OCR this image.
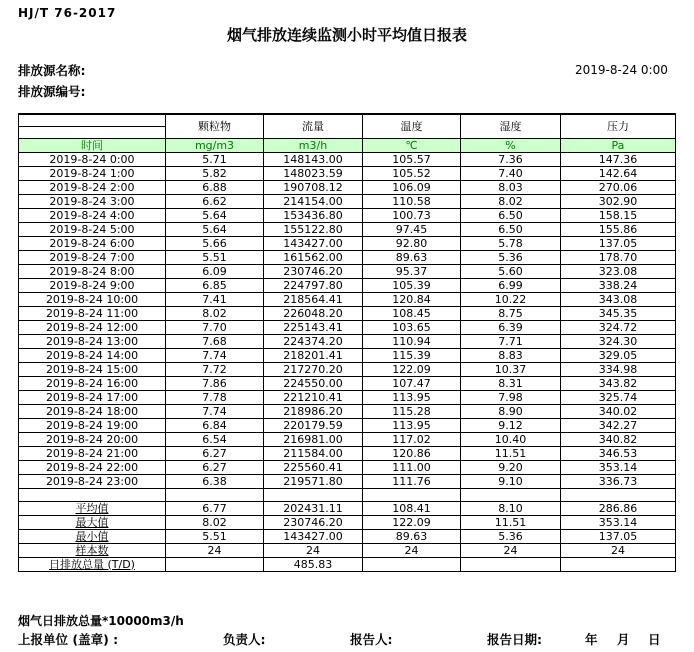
HJ/T 76-2017
烟气排放连续监测小时平均值日报表
排放源名称:
排放源编号:
2019-8-24 0:00
	颗粒物	流量	温度	湿度	压力

时间	mg/m3	m3/h	℃	%	Pa
2019-8-24 0:00	5.71	148143.00	105.57	7.36	147.36
2019-8-24 1:00	5.82	148023.59	105.52	7.40	142.64
2019-8-24 2:00	6.88	190708.12	106.09	8.03	270.06
2019-8-24 3:00	6.62	214154.00	110.58	8.02	302.90
2019-8-24 4:00	5.64	153436.80	100.73	6.50	158.15
2019-8-24 5:00	5.64	155122.80	97.45	6.50	155.86
2019-8-24 6:00	5.66	143427.00	92.80	5.78	137.05
2019-8-24 7:00	5.51	161562.00	89.63	5.36	178.70
2019-8-24 8:00	6.09	230746.20	95.37	5.60	323.08
2019-8-24 9:00	6.85	224797.80	105.39	6.99	338.24
2019-8-24 10:00	7.41	218564.41	120.84	10.22	343.08
2019-8-24 11:00	8.02	226048.20	108.45	8.75	345.35
2019-8-24 12:00	7.70	225143.41	103.65	6.39	324.72
2019-8-24 13:00	7.68	224374.20	110.94	7.71	324.30
2019-8-24 14:00	7.74	218201.41	115.39	8.83	329.05
2019-8-24 15:00	7.72	217270.20	122.09	10.37	334.98
2019-8-24 16:00	7.86	224550.00	107.47	8.31	343.82
2019-8-24 17:00	7.78	221210.41	113.95	7.98	325.74
2019-8-24 18:00	7.74	218986.20	115.28	8.90	340.02
2019-8-24 19:00	6.84	220179.59	113.95	9.12	342.27
2019-8-24 20:00	6.54	216981.00	117.02	10.40	340.82
2019-8-24 21:00	6.27	211584.00	120.86	11.51	346.53
2019-8-24 22:00	6.27	225560.41	111.00	9.20	353.14
2019-8-24 23:00	6.38	219571.80	111.76	9.10	336.73

平均值	6.77	202431.11	108.41	8.10	286.86
最大值	8.02	230746.20	122.09	11.51	353.14
最小值	5.51	143427.00	89.63	5.36	137.05
样本数	24	24	24	24	24
日排放总量 (T/D)		485.83			
烟气日排放总量*10000m3/h
上报单位 (盖章) :	负责人:	报告人:	报告日期:	年 月 日
